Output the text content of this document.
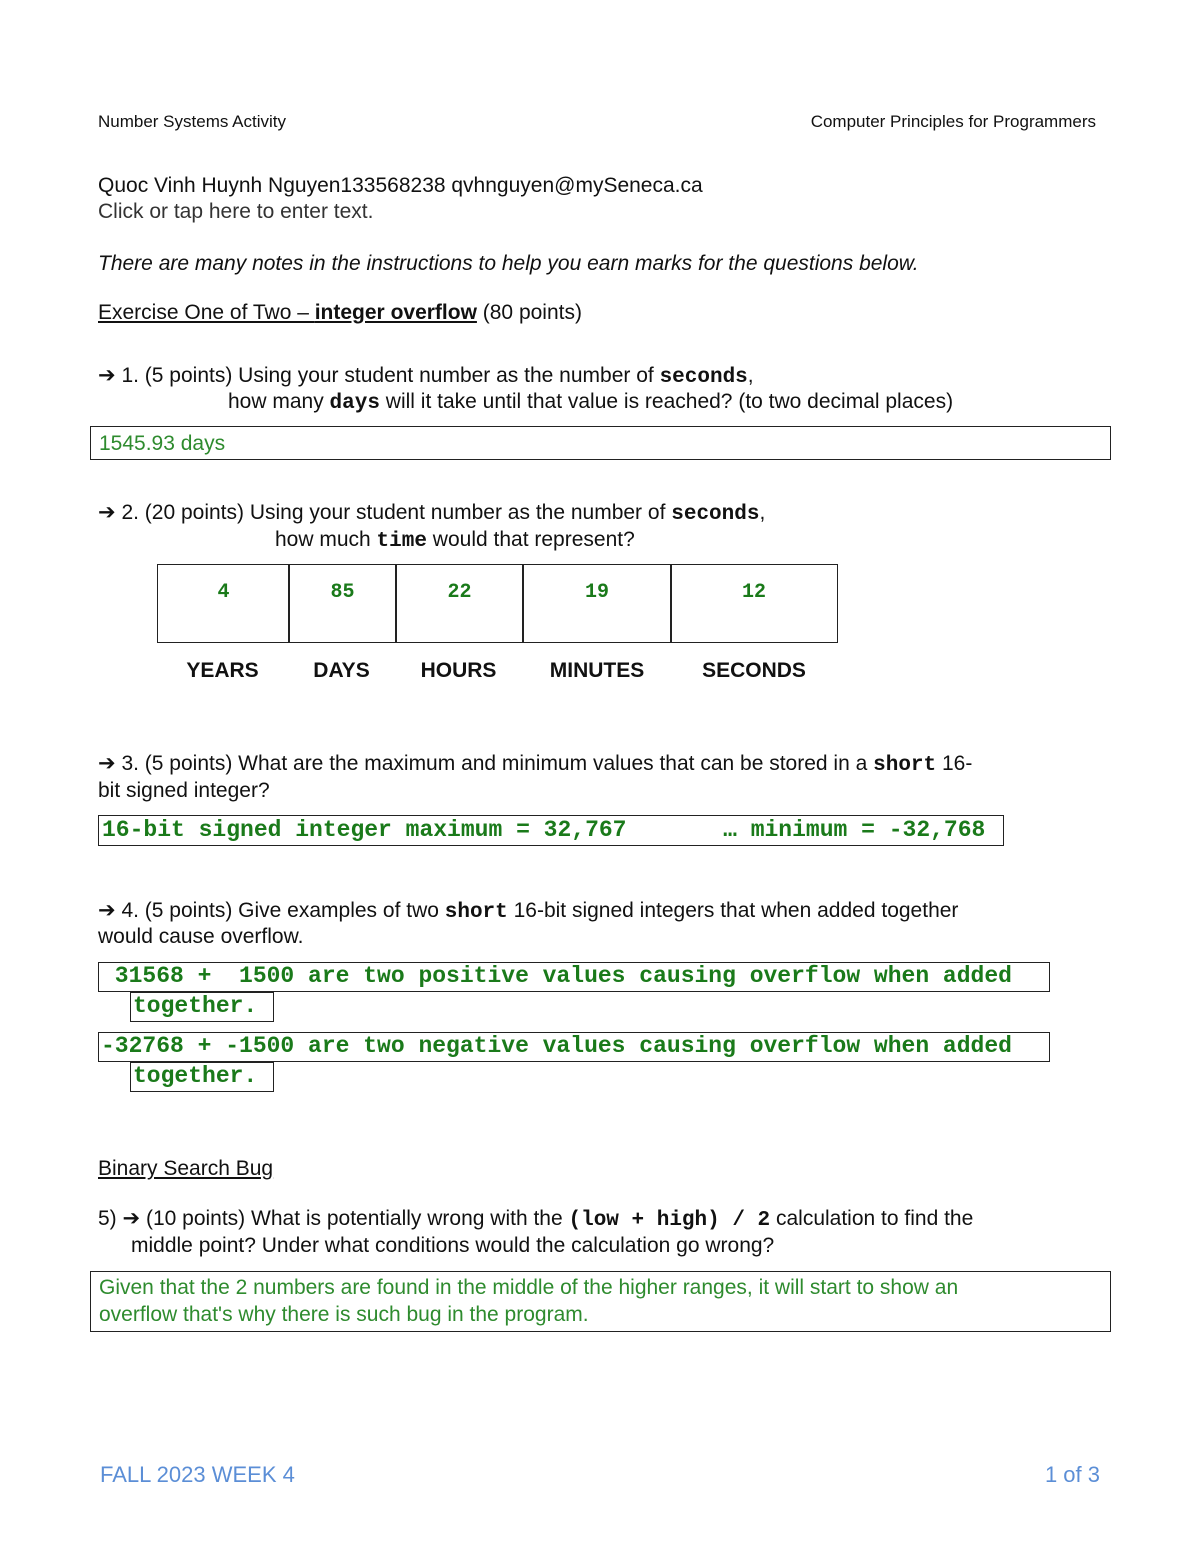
Number Systems Activity	Computer Principles for Programmers
Quoc Vinh Huynh Nguyen133568238 qvhnguyen@mySeneca.ca
Click or tap here to enter text.
There are many notes in the instructions to help you earn marks for the questions below.
Exercise One of Two – integer overflow (80 points)
➔ 1. (5 points) Using your student number as the number of seconds,
how many days will it take until that value is reached? (to two decimal places)
1545.93 days
➔ 2. (20 points) Using your student number as the number of seconds,
how much time would that represent?
4	85	22	19	12
YEARS	DAYS	HOURS	MINUTES	SECONDS
➔ 3. (5 points) What are the maximum and minimum values that can be stored in a short 16-
bit signed integer?
16-bit signed integer maximum = 32,767       … minimum = -32,768
➔ 4. (5 points) Give examples of two short 16-bit signed integers that when added together
would cause overflow.
31568 +  1500 are two positive values causing overflow when added
together.
-32768 + -1500 are two negative values causing overflow when added
together.
Binary Search Bug
5) ➔ (10 points) What is potentially wrong with the (low + high) / 2 calculation to find the
middle point? Under what conditions would the calculation go wrong?
Given that the 2 numbers are found in the middle of the higher ranges, it will start to show an
overflow that's why there is such bug in the program.
FALL 2023 WEEK 4	1 of 3
